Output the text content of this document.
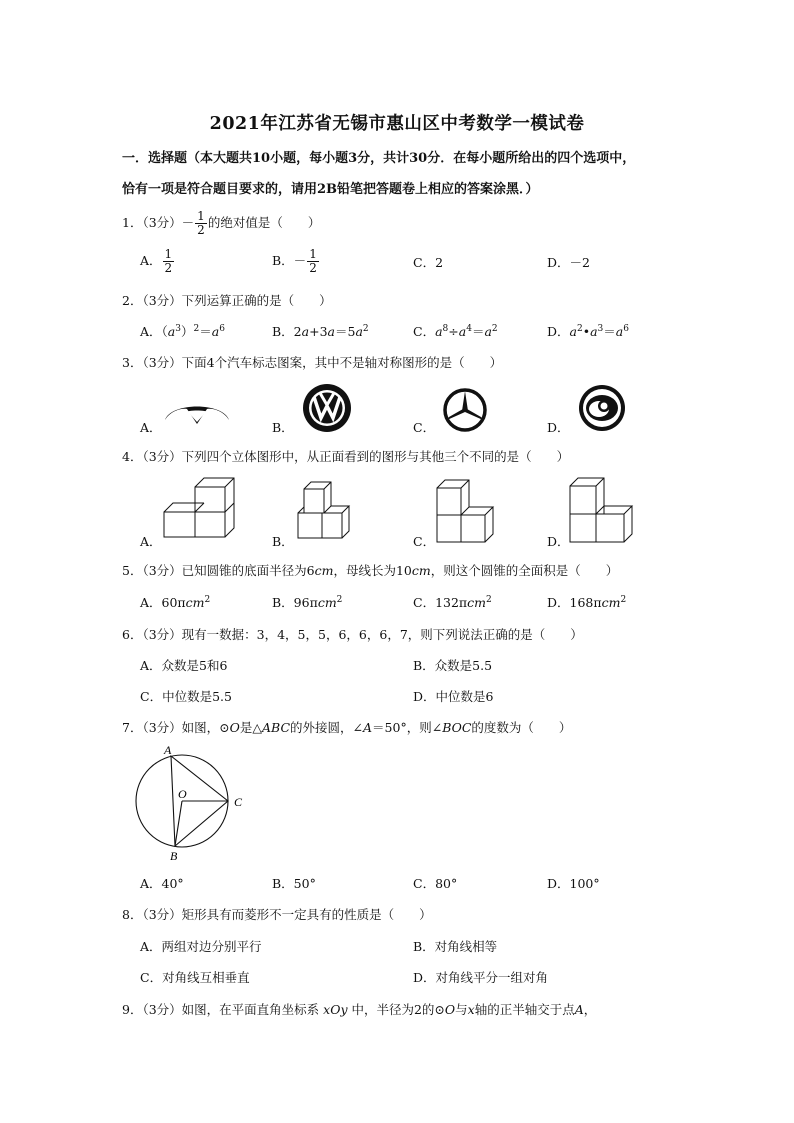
2021年江苏省无锡市惠山区中考数学一模试卷
一．选择题（本大题共10小题，每小题3分，共计30分．在每小题所给出的四个选项中，
恰有一项是符合题目要求的，请用2B铅笔把答题卷上相应的答案涂黑．）
1．（3分）－ $\frac{1}{2}$ 的绝对值是（　　）
A． $\frac{1}{2}$	B．－ $\frac{1}{2}$	C．2	D．－2
2．（3分）下列运算正确的是（　　）
A．$(a^3)^2=a^6$	B．$2a+3a=5a^2$	C．$a^8\div a^4=a^2$	D．$a^2•a^3=a^6$
3．（3分）下面4个汽车标志图案，其中不是轴对称图形的是（　　）
A．	B．	C．	D．
4．（3分）下列四个立体图形中，从正面看到的图形与其他三个不同的是（　　）
A．	B．	C．	D．
5．（3分）已知圆锥的底面半径为6cm，母线长为10cm，则这个圆锥的全面积是（　　）
A．60πcm$^2$	B．96πcm$^2$	C．132πcm$^2$	D．168πcm$^2$
6．（3分）现有一数据：3，4，5，5，6，6，6，7，则下列说法正确的是（　　）
A．众数是5和6	B．众数是5.5
C．中位数是5.5	D．中位数是6
7．（3分）如图，⊙O是△ABC的外接圆，∠A＝50°，则∠BOC的度数为（　　）
A
O
C
B
A．40°	B．50°	C．80°	D．100°
8．（3分）矩形具有而菱形不一定具有的性质是（　　）
A．两组对边分别平行	B．对角线相等
C．对角线互相垂直	D．对角线平分一组对角
9．（3分）如图，在平面直角坐标系 xOy 中，半径为2的⊙O与x轴的正半轴交于点A，
